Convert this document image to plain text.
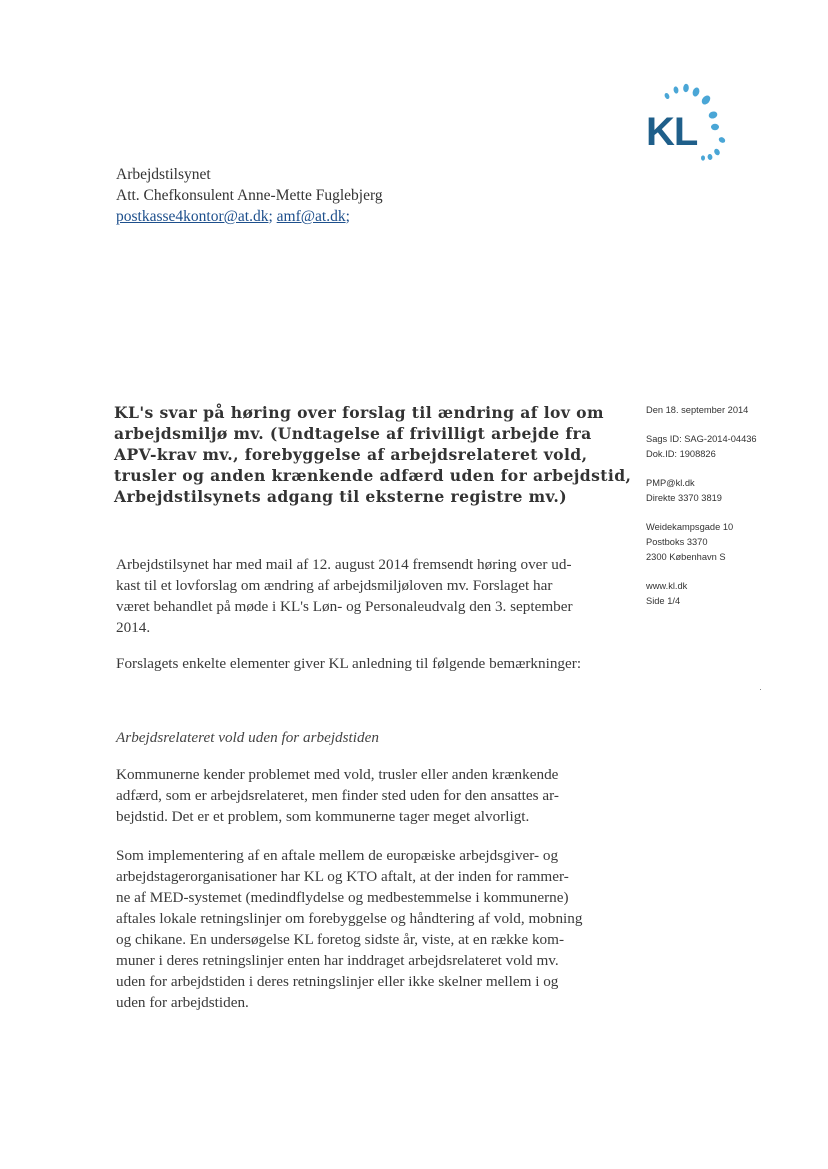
KL
Arbejdstilsynet
Att. Chefkonsulent Anne-Mette Fuglebjerg
postkasse4kontor@at.dk; amf@at.dk;
KL's svar på høring over forslag til ændring af lov om
arbejdsmiljø mv. (Undtagelse af frivilligt arbejde fra
APV-krav mv., forebyggelse af arbejdsrelateret vold,
trusler og anden krænkende adfærd uden for arbejdstid,
Arbejdstilsynets adgang til eksterne registre mv.)
Den 18. september 2014
Sags ID: SAG-2014-04436
Dok.ID: 1908826
PMP@kl.dk
Direkte 3370 3819
Weidekampsgade 10
Postboks 3370
2300 København S
www.kl.dk
Side 1/4
Arbejdstilsynet har med mail af 12. august 2014 fremsendt høring over ud-
kast til et lovforslag om ændring af arbejdsmiljøloven mv. Forslaget har
været behandlet på møde i KL's Løn- og Personaleudvalg den 3. september
2014.
Forslagets enkelte elementer giver KL anledning til følgende bemærkninger:
Arbejdsrelateret vold uden for arbejdstiden
Kommunerne kender problemet med vold, trusler eller anden krænkende
adfærd, som er arbejdsrelateret, men finder sted uden for den ansattes ar-
bejdstid. Det er et problem, som kommunerne tager meget alvorligt.
Som implementering af en aftale mellem de europæiske arbejdsgiver- og
arbejdstagerorganisationer har KL og KTO aftalt, at der inden for rammer-
ne af MED-systemet (medindflydelse og medbestemmelse i kommunerne)
aftales lokale retningslinjer om forebyggelse og håndtering af vold, mobning
og chikane. En undersøgelse KL foretog sidste år, viste, at en række kom-
muner i deres retningslinjer enten har inddraget arbejdsrelateret vold mv.
uden for arbejdstiden i deres retningslinjer eller ikke skelner mellem i og
uden for arbejdstiden.
